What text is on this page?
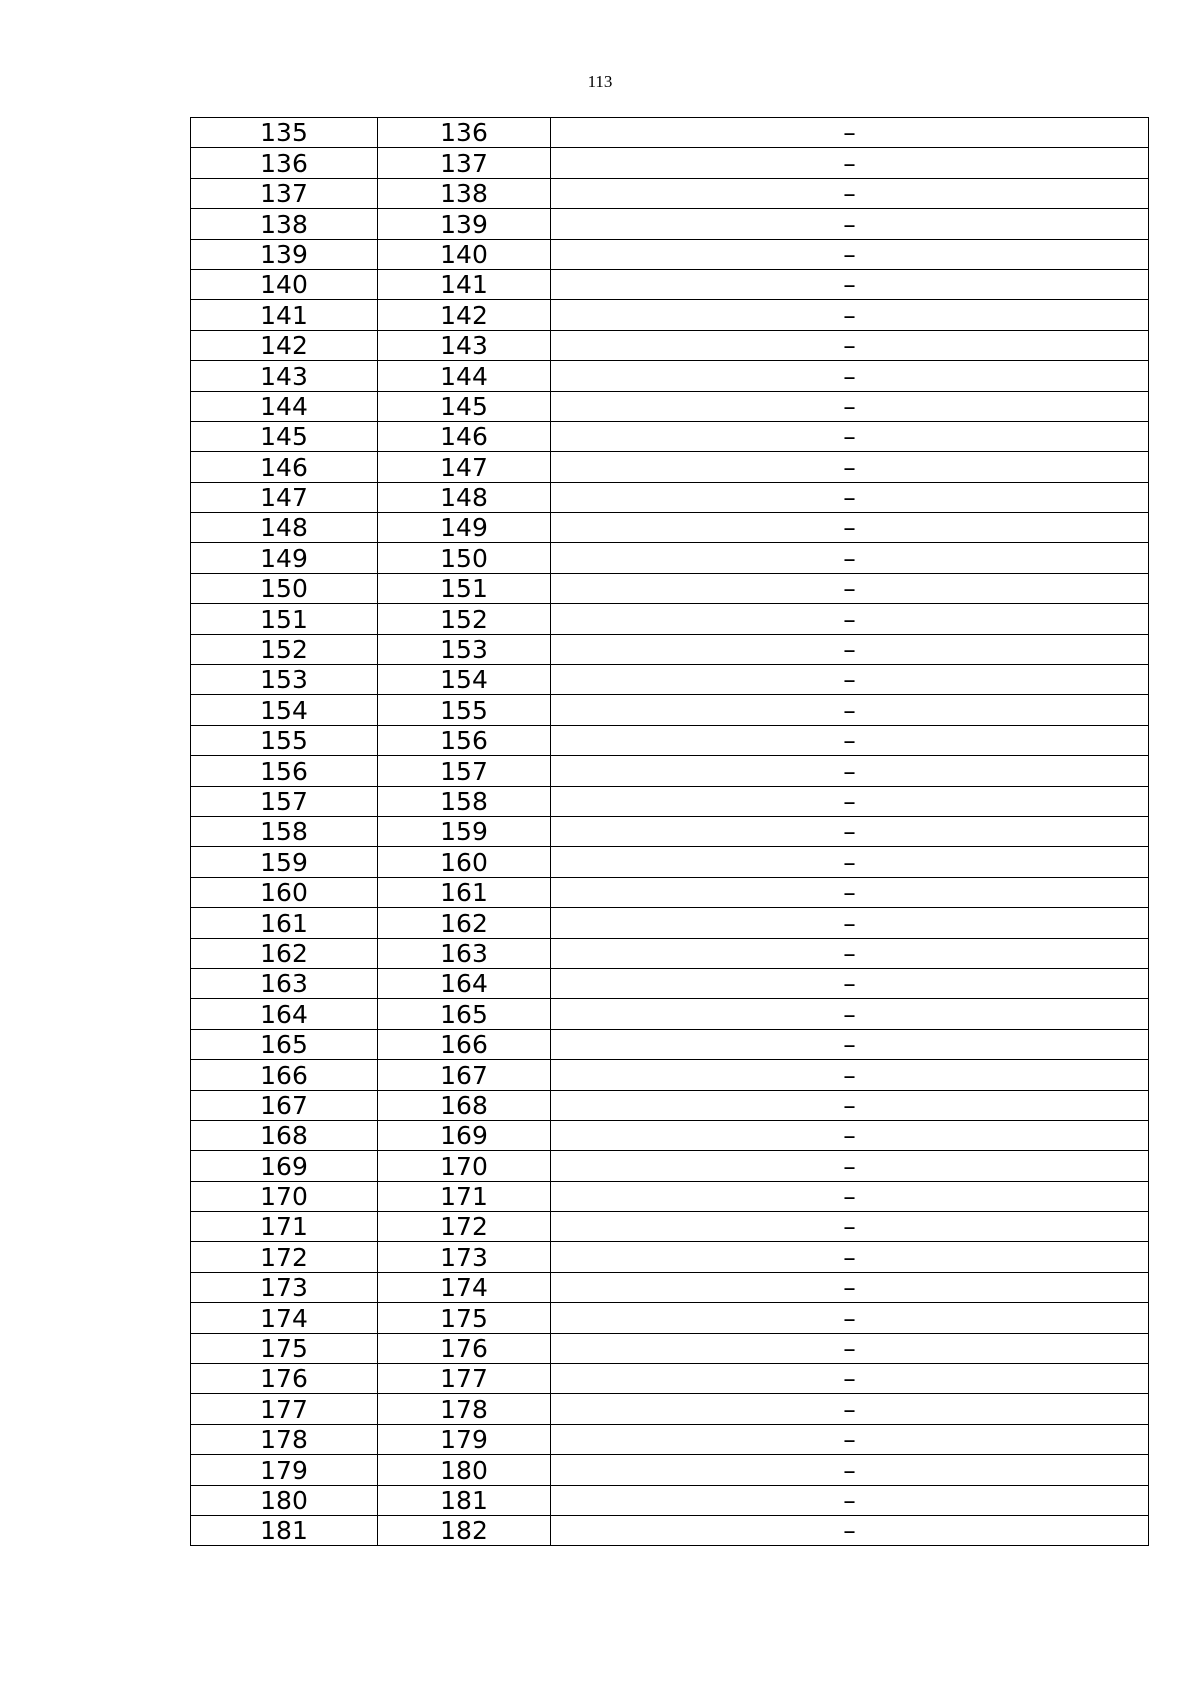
113
135	136	–
136	137	–
137	138	–
138	139	–
139	140	–
140	141	–
141	142	–
142	143	–
143	144	–
144	145	–
145	146	–
146	147	–
147	148	–
148	149	–
149	150	–
150	151	–
151	152	–
152	153	–
153	154	–
154	155	–
155	156	–
156	157	–
157	158	–
158	159	–
159	160	–
160	161	–
161	162	–
162	163	–
163	164	–
164	165	–
165	166	–
166	167	–
167	168	–
168	169	–
169	170	–
170	171	–
171	172	–
172	173	–
173	174	–
174	175	–
175	176	–
176	177	–
177	178	–
178	179	–
179	180	–
180	181	–
181	182	–
